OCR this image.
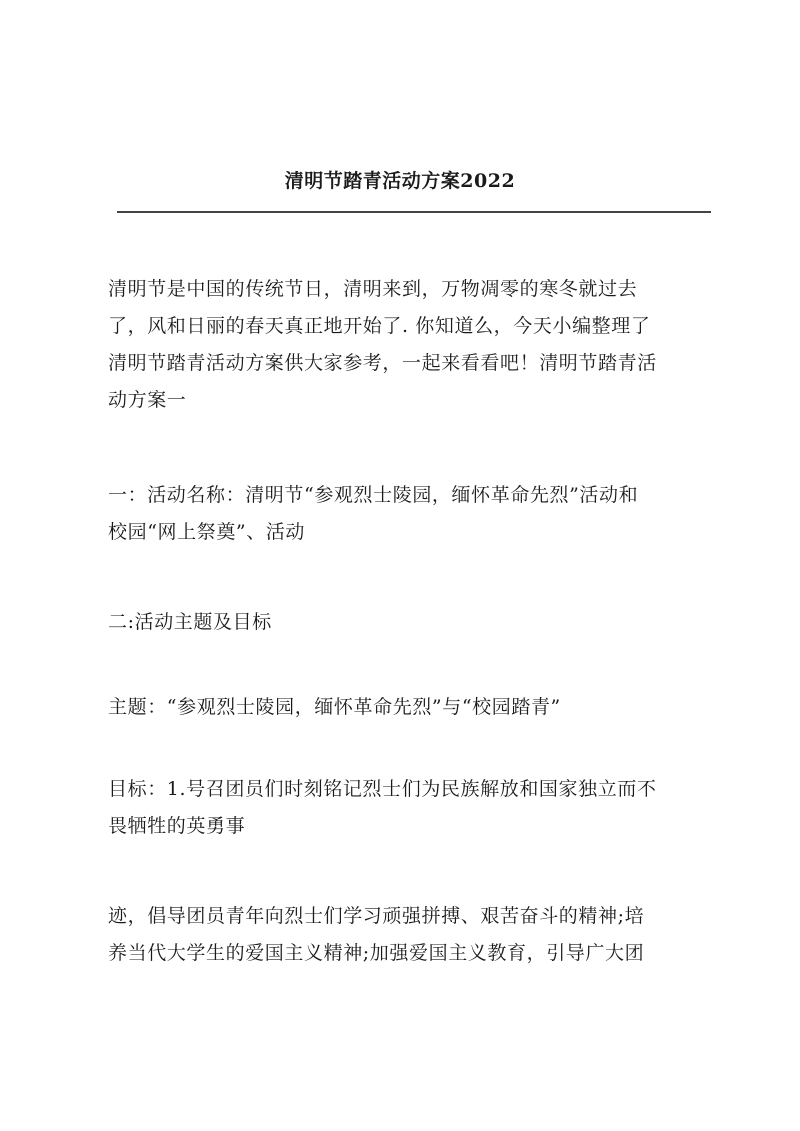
清明节踏青活动方案2022
清明节是中国的传统节日，清明来到，万物凋零的寒冬就过去
了，风和日丽的春天真正地开始了. 你知道么，今天小编整理了
清明节踏青活动方案供大家参考，一起来看看吧！清明节踏青活
动方案一
一：活动名称：清明节“参观烈士陵园，缅怀革命先烈”活动和
校园“网上祭奠”、活动
二:活动主题及目标
主题：“参观烈士陵园，缅怀革命先烈”与“校园踏青”
目标：1.号召团员们时刻铭记烈士们为民族解放和国家独立而不
畏牺牲的英勇事
迹，倡导团员青年向烈士们学习顽强拼搏、艰苦奋斗的精神;培
养当代大学生的爱国主义精神;加强爱国主义教育，引导广大团
